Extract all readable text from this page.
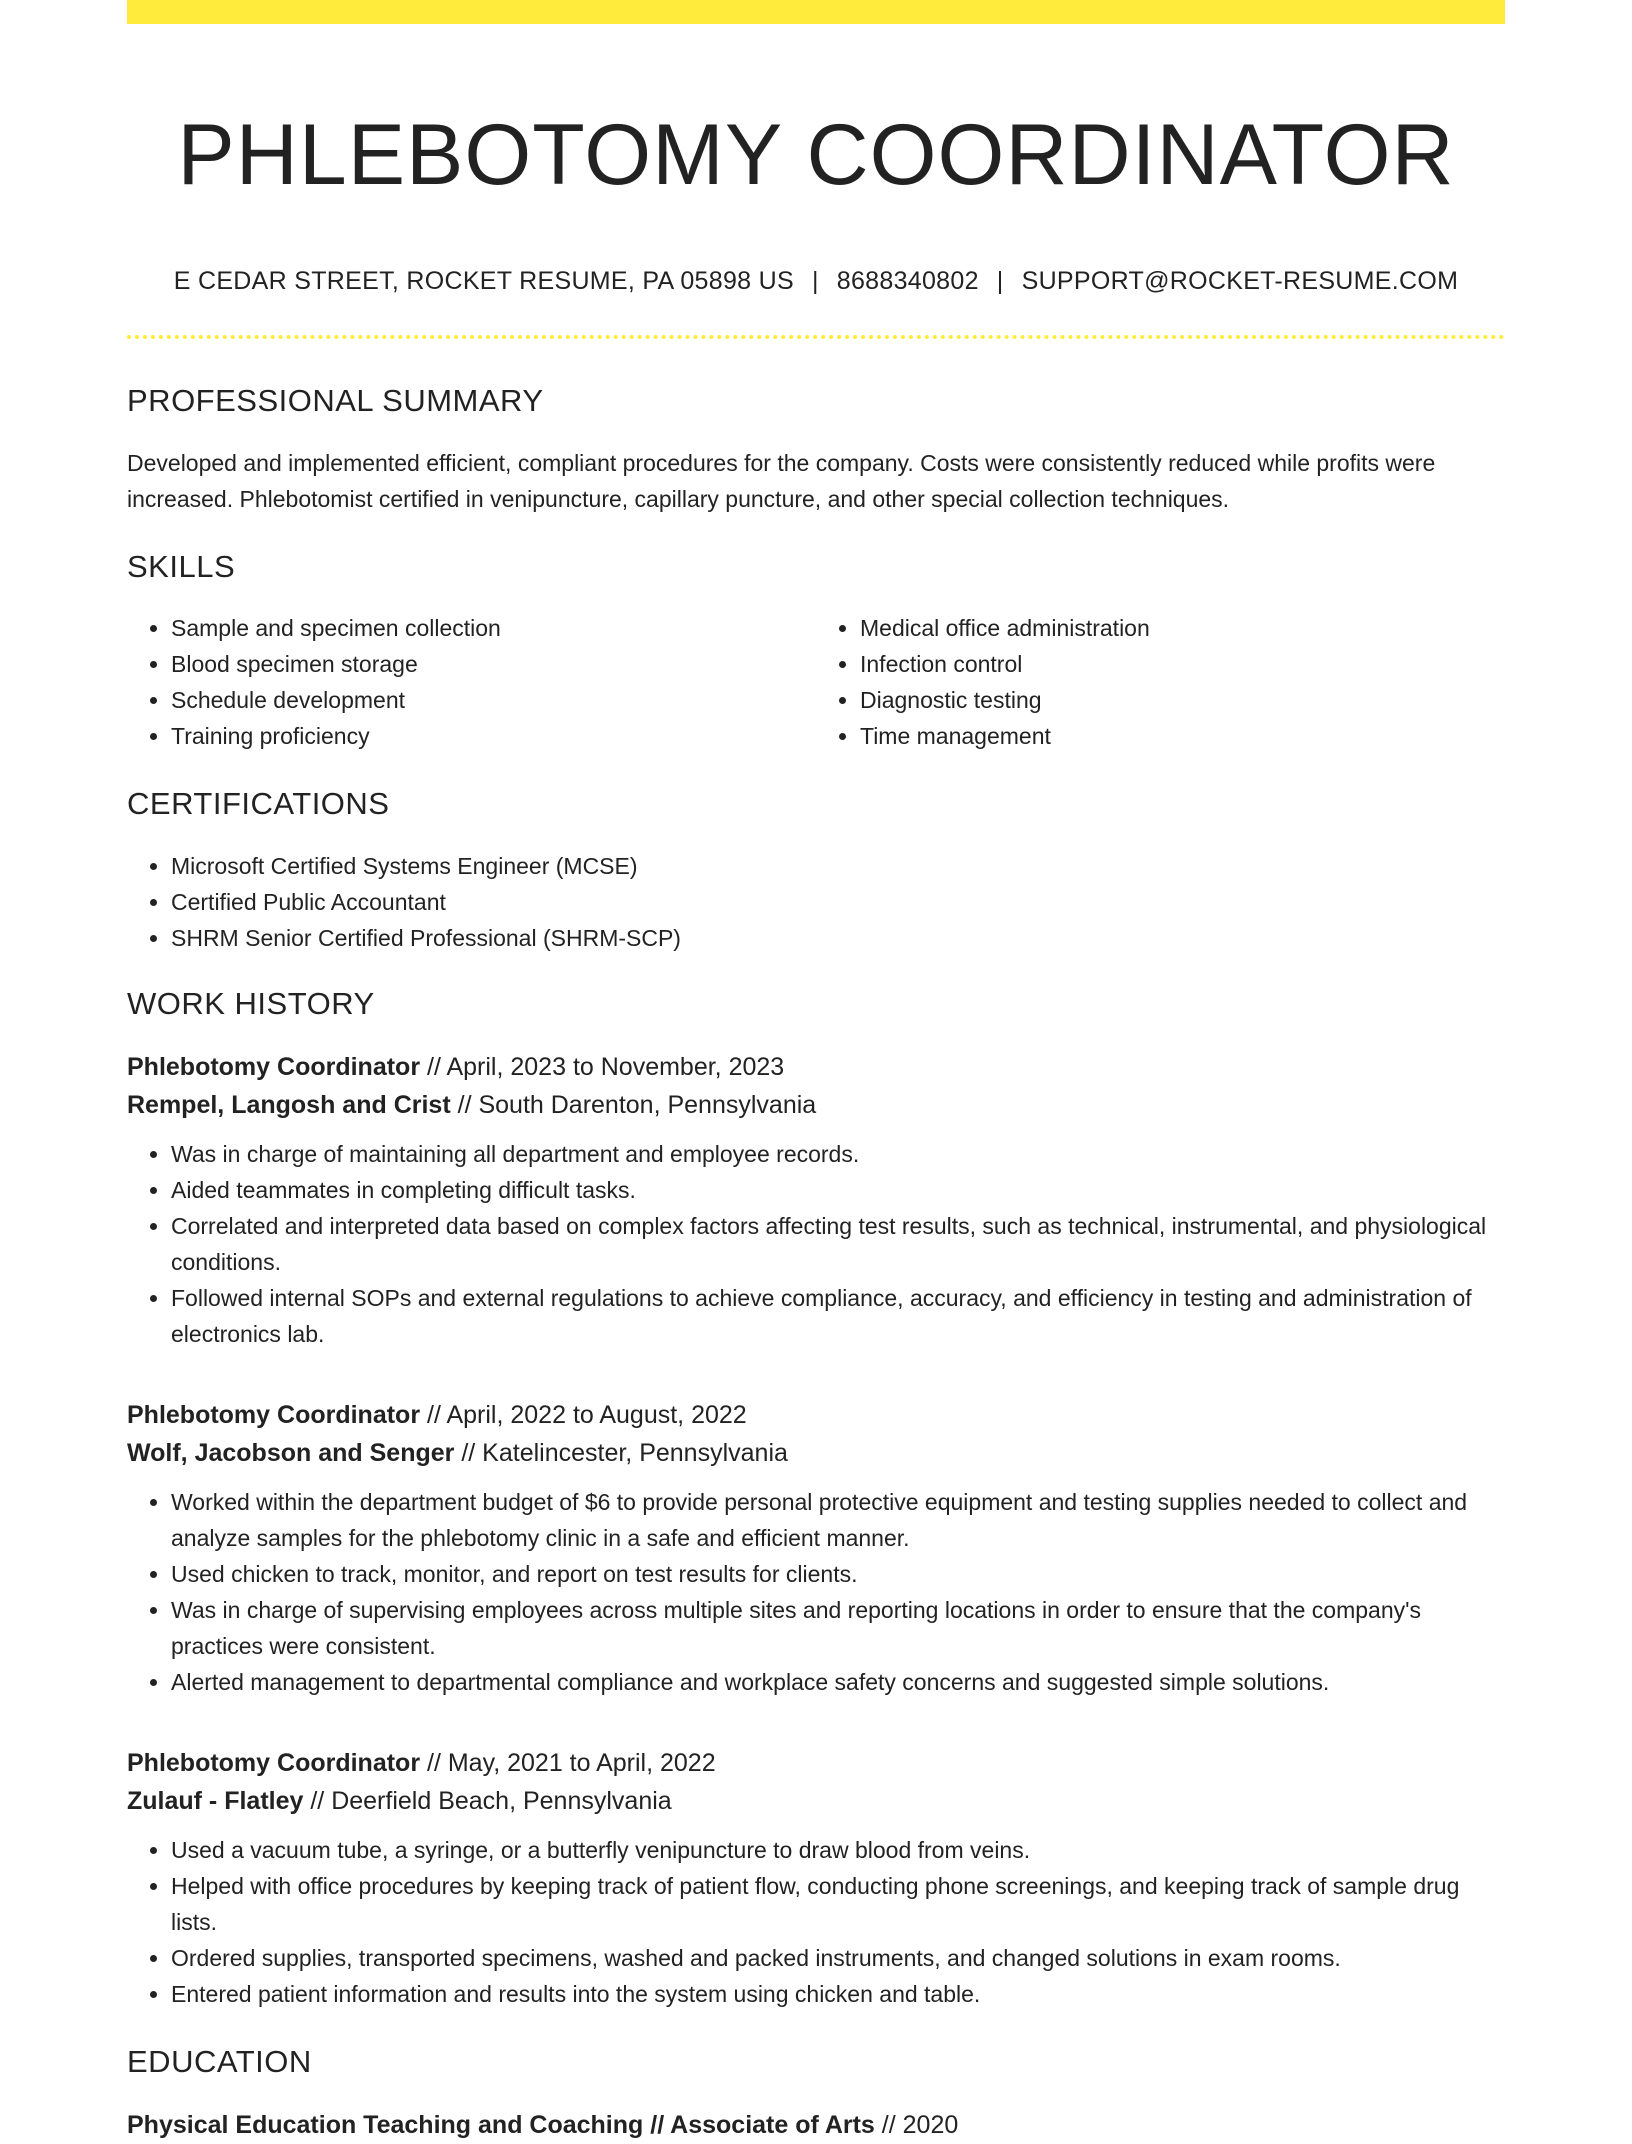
PHLEBOTOMY COORDINATOR
E CEDAR STREET, ROCKET RESUME, PA 05898 US | 8688340802 | SUPPORT@ROCKET-RESUME.COM
PROFESSIONAL SUMMARY

Developed and implemented efficient, compliant procedures for the company. Costs were consistently reduced while profits were increased. Phlebotomist certified in venipuncture, capillary puncture, and other special collection techniques.

SKILLS
• Sample and specimen collection
• Blood specimen storage
• Schedule development
• Training proficiency
• Medical office administration
• Infection control
• Diagnostic testing
• Time management
CERTIFICATIONS
• Microsoft Certified Systems Engineer (MCSE)
• Certified Public Accountant
• SHRM Senior Certified Professional (SHRM-SCP)
WORK HISTORY
Phlebotomy Coordinator // April, 2023 to November, 2023
Rempel, Langosh and Crist // South Darenton, Pennsylvania
• Was in charge of maintaining all department and employee records.
• Aided teammates in completing difficult tasks.
• Correlated and interpreted data based on complex factors affecting test results, such as technical, instrumental, and physiological conditions.
• Followed internal SOPs and external regulations to achieve compliance, accuracy, and efficiency in testing and administration of electronics lab.
Phlebotomy Coordinator // April, 2022 to August, 2022
Wolf, Jacobson and Senger // Katelincester, Pennsylvania
• Worked within the department budget of $6 to provide personal protective equipment and testing supplies needed to collect and analyze samples for the phlebotomy clinic in a safe and efficient manner.
• Used chicken to track, monitor, and report on test results for clients.
• Was in charge of supervising employees across multiple sites and reporting locations in order to ensure that the company's practices were consistent.
• Alerted management to departmental compliance and workplace safety concerns and suggested simple solutions.
Phlebotomy Coordinator // May, 2021 to April, 2022
Zulauf - Flatley // Deerfield Beach, Pennsylvania
• Used a vacuum tube, a syringe, or a butterfly venipuncture to draw blood from veins.
• Helped with office procedures by keeping track of patient flow, conducting phone screenings, and keeping track of sample drug lists.
• Ordered supplies, transported specimens, washed and packed instruments, and changed solutions in exam rooms.
• Entered patient information and results into the system using chicken and table.
EDUCATION
Physical Education Teaching and Coaching // Associate of Arts // 2020
